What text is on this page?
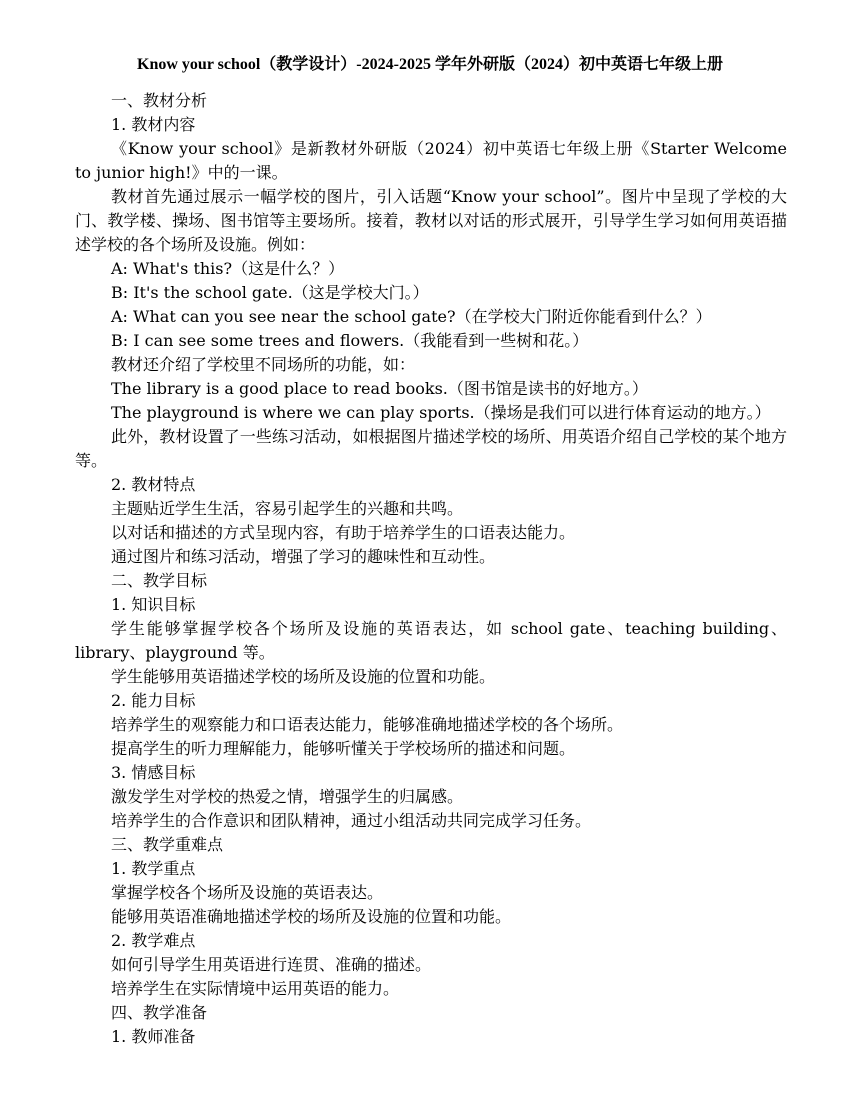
Know your school（教学设计）-2024-2025 学年外研版（2024）初中英语七年级上册

一、教材分析

1. 教材内容

《Know your school》是新教材外研版（2024）初中英语七年级上册《Starter Welcome to junior high!》中的一课。

教材首先通过展示一幅学校的图片，引入话题“Know your school”。图片中呈现了学校的大门、教学楼、操场、图书馆等主要场所。接着，教材以对话的形式展开，引导学生学习如何用英语描述学校的各个场所及设施。例如：

A: What's this?（这是什么？）

B: It's the school gate.（这是学校大门。）

A: What can you see near the school gate?（在学校大门附近你能看到什么？）

B: I can see some trees and flowers.（我能看到一些树和花。）

教材还介绍了学校里不同场所的功能，如：

The library is a good place to read books.（图书馆是读书的好地方。）

The playground is where we can play sports.（操场是我们可以进行体育运动的地方。）

此外，教材设置了一些练习活动，如根据图片描述学校的场所、用英语介绍自己学校的某个地方等。

2. 教材特点

主题贴近学生生活，容易引起学生的兴趣和共鸣。

以对话和描述的方式呈现内容，有助于培养学生的口语表达能力。

通过图片和练习活动，增强了学习的趣味性和互动性。

二、教学目标

1. 知识目标

学生能够掌握学校各个场所及设施的英语表达，如 school gate、teaching building、library、playground 等。

学生能够用英语描述学校的场所及设施的位置和功能。

2. 能力目标

培养学生的观察能力和口语表达能力，能够准确地描述学校的各个场所。

提高学生的听力理解能力，能够听懂关于学校场所的描述和问题。

3. 情感目标

激发学生对学校的热爱之情，增强学生的归属感。

培养学生的合作意识和团队精神，通过小组活动共同完成学习任务。

三、教学重难点

1. 教学重点

掌握学校各个场所及设施的英语表达。

能够用英语准确地描述学校的场所及设施的位置和功能。

2. 教学难点

如何引导学生用英语进行连贯、准确的描述。

培养学生在实际情境中运用英语的能力。

四、教学准备

1. 教师准备
